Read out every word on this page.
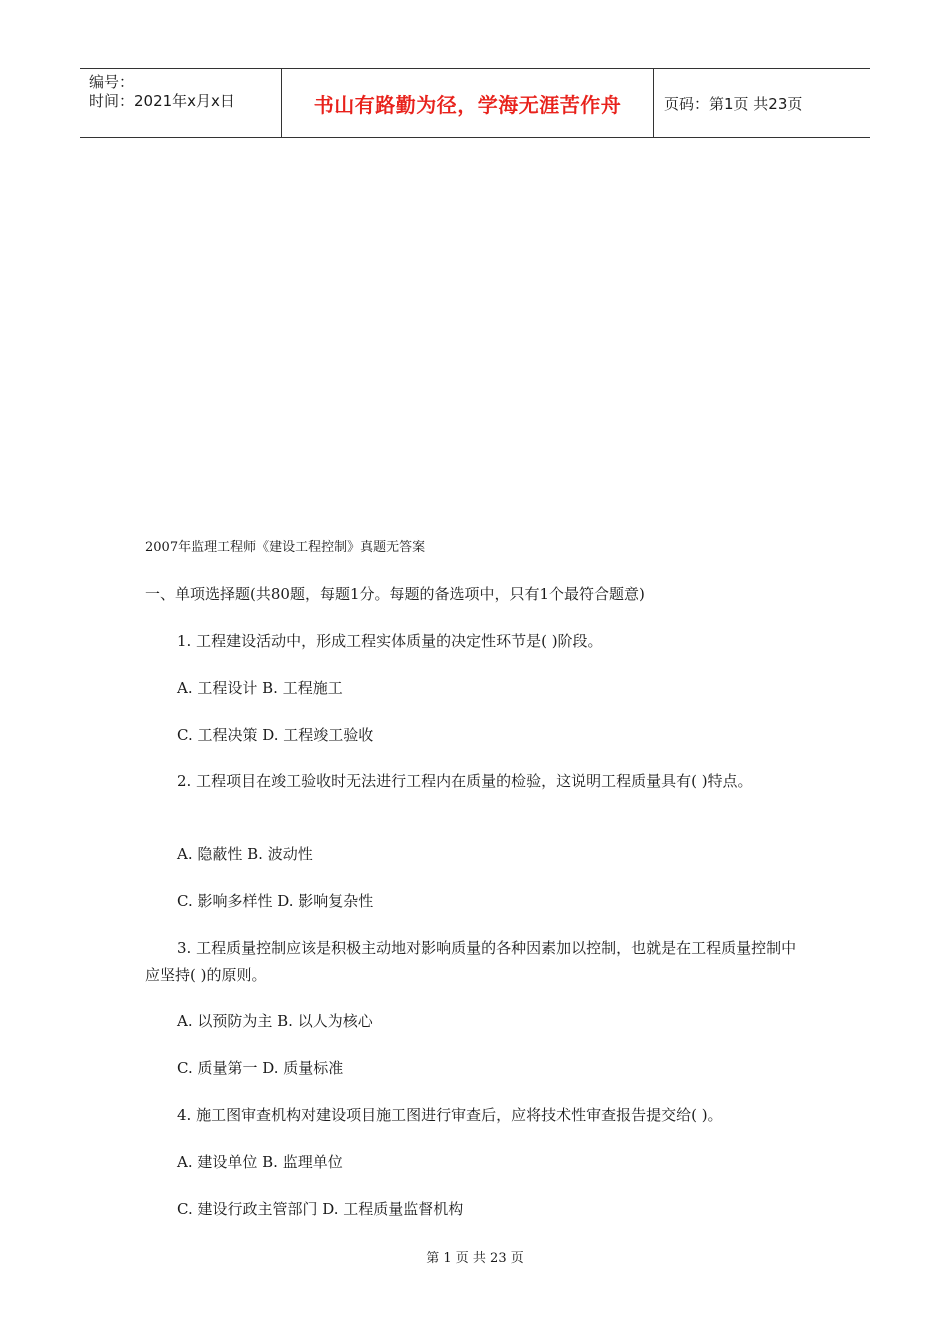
编号：
时间：2021年x月x日	书山有路勤为径，学海无涯苦作舟	页码：第1页 共23页
2007年监理工程师《建设工程控制》真题无答案
一、单项选择题(共80题，每题1分。每题的备选项中，只有1个最符合题意)
1. 工程建设活动中，形成工程实体质量的决定性环节是( )阶段。
A. 工程设计 B. 工程施工
C. 工程决策 D. 工程竣工验收
2. 工程项目在竣工验收时无法进行工程内在质量的检验，这说明工程质量具有( )特点。
A. 隐蔽性 B. 波动性
C. 影响多样性 D. 影响复杂性
3. 工程质量控制应该是积极主动地对影响质量的各种因素加以控制，也就是在工程质量控制中应坚持( )的原则。
A. 以预防为主 B. 以人为核心
C. 质量第一 D. 质量标准
4. 施工图审查机构对建设项目施工图进行审查后，应将技术性审查报告提交给( )。
A. 建设单位 B. 监理单位
C. 建设行政主管部门 D. 工程质量监督机构
第 1 页 共 23 页
